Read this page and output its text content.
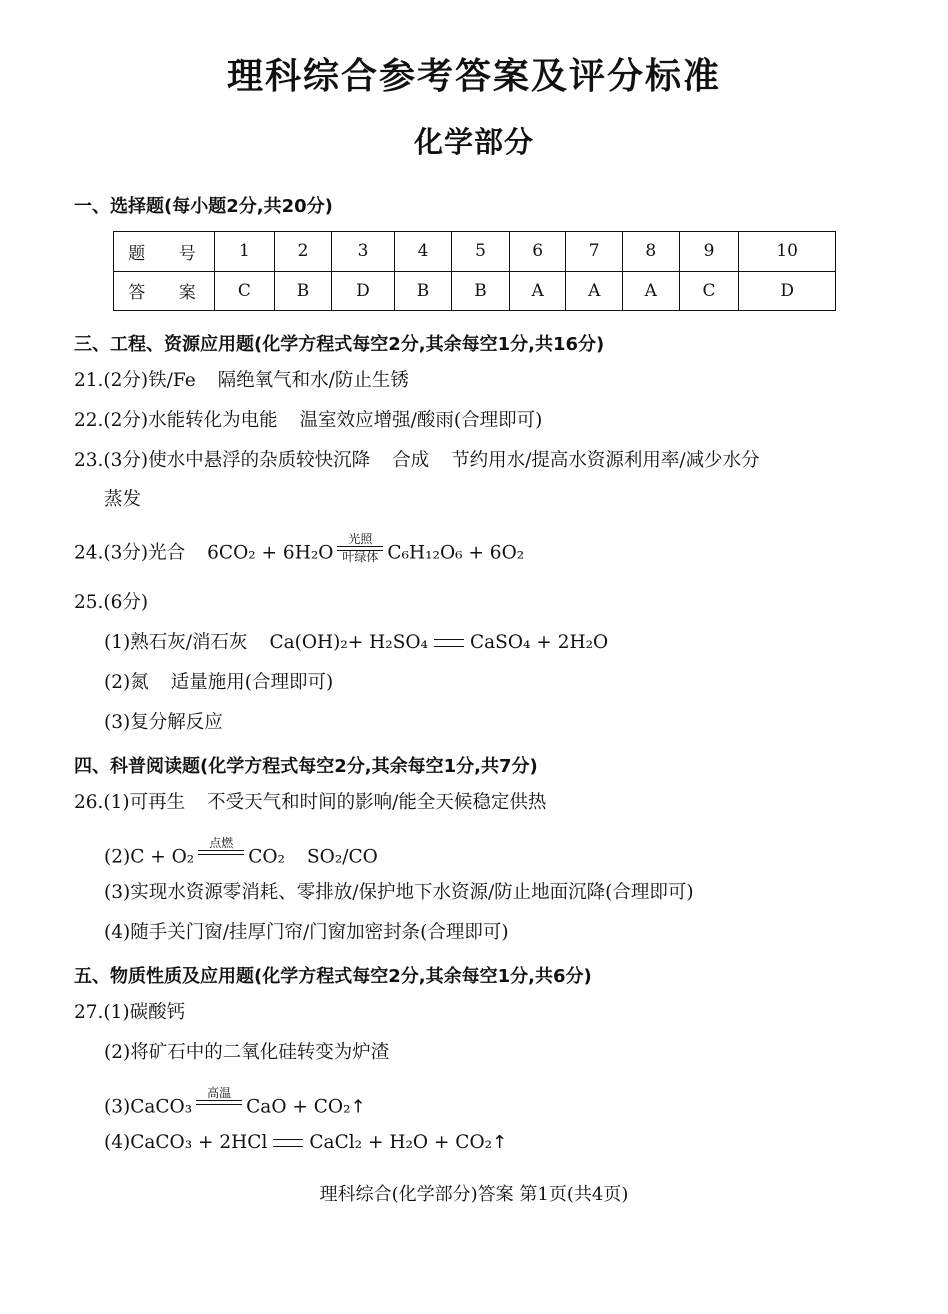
理科综合参考答案及评分标准
化学部分
一、选择题(每小题2分,共20分)
题 号	1	2	3	4	5	6	7	8	9	10
答 案	C	B	D	B	B	A	A	A	C	D
三、工程、资源应用题(化学方程式每空2分,其余每空1分,共16分)
21.(2分)铁/Fe 隔绝氧气和水/防止生锈
22.(2分)水能转化为电能 温室效应增强/酸雨(合理即可)
23.(3分)使水中悬浮的杂质较快沉降 合成 节约用水/提高水资源利用率/减少水分
蒸发
24.(3分)光合 6CO₂ + 6H₂O
光照
叶绿体 C₆H₁₂O₆ + 6O₂
25.(6分)
(1)熟石灰/消石灰 Ca(OH)₂+ H₂SO₄ CaSO₄ + 2H₂O
(2)氮 适量施用(合理即可)
(3)复分解反应
四、科普阅读题(化学方程式每空2分,其余每空1分,共7分)
26.(1)可再生 不受天气和时间的影响/能全天候稳定供热
(2)C + O₂
点燃

CO₂ SO₂/CO
(3)实现水资源零消耗、零排放/保护地下水资源/防止地面沉降(合理即可)
(4)随手关门窗/挂厚门帘/门窗加密封条(合理即可)
五、物质性质及应用题(化学方程式每空2分,其余每空1分,共6分)
27.(1)碳酸钙
(2)将矿石中的二氧化硅转变为炉渣
(3)CaCO₃
高温

CaO + CO₂↑
(4)CaCO₃ + 2HCl CaCl₂ + H₂O + CO₂↑
理科综合(化学部分)答案 第1页(共4页)
